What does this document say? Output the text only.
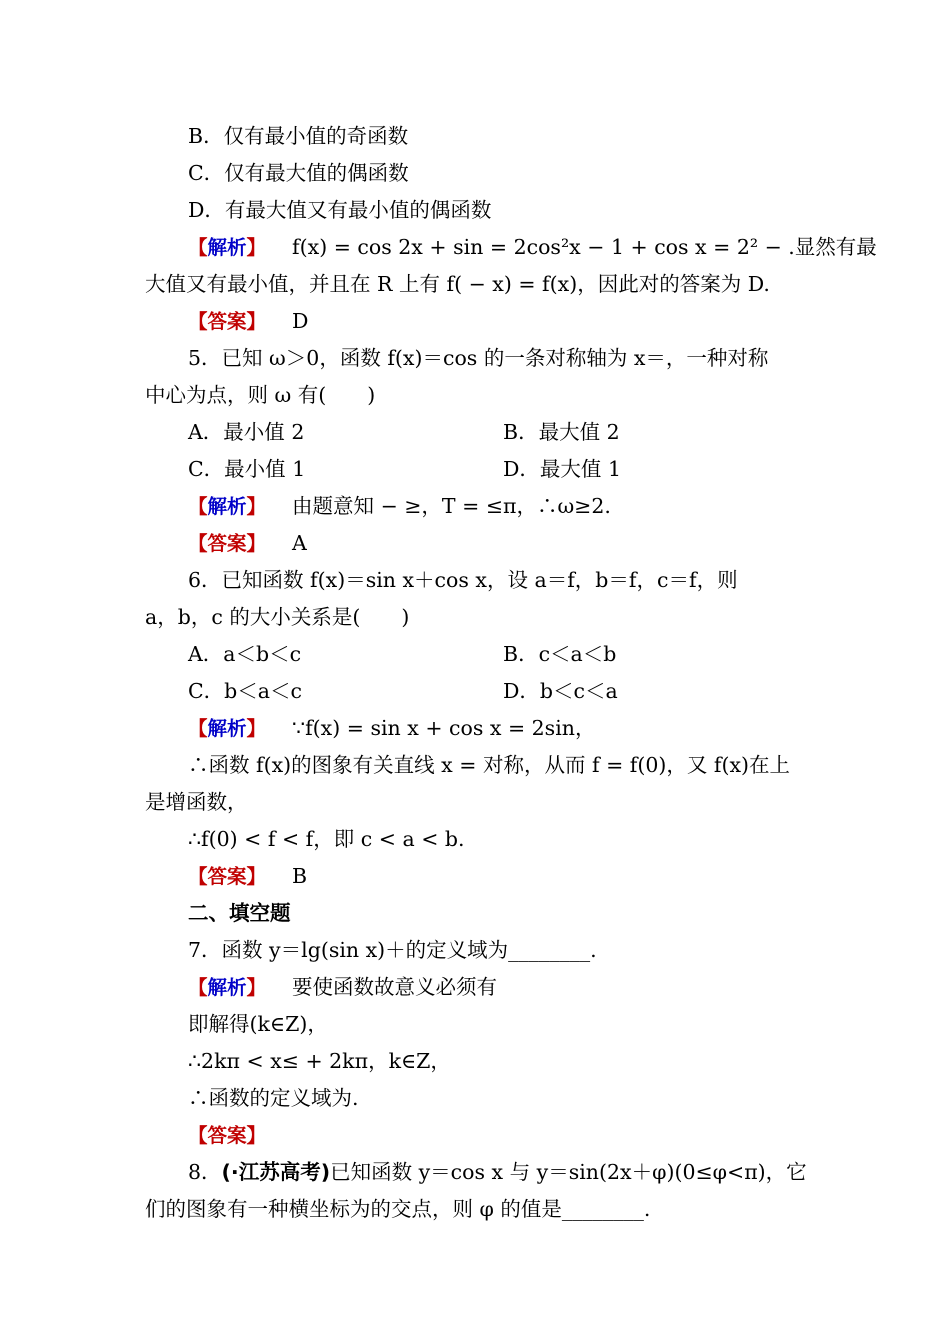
B．仅有最小值的奇函数
C．仅有最大值的偶函数
D．有最大值又有最小值的偶函数
【解析】 f(x) = cos 2x + sin = 2cos²x − 1 + cos x = 2² − .显然有最
大值又有最小值，并且在 R 上有 f( − x) = f(x)，因此对的答案为 D.
【答案】 D
5．已知 ω＞0，函数 f(x)＝cos 的一条对称轴为 x＝，一种对称
中心为点，则 ω 有(　　)
A．最小值 2	B．最大值 2
C．最小值 1	D．最大值 1
【解析】 由题意知 − ≥，T = ≤π，∴ω≥2.
【答案】 A
6．已知函数 f(x)＝sin x＋cos x，设 a＝f，b＝f，c＝f，则
a，b，c 的大小关系是(　　)
A．a＜b＜c	B．c＜a＜b
C．b＜a＜c	D．b＜c＜a
【解析】 ∵f(x) = sin x + cos x = 2sin，
∴函数 f(x)的图象有关直线 x = 对称，从而 f = f(0)，又 f(x)在上
是增函数，
∴f(0) < f < f，即 c < a < b.
【答案】 B
二、填空题
7．函数 y＝lg(sin x)＋的定义域为________.
【解析】 要使函数故意义必须有
即解得(k∈Z)，
∴2kπ < x≤ + 2kπ，k∈Z，
∴函数的定义域为.
【答案】
8．(·江苏高考)已知函数 y＝cos x 与 y＝sin(2x＋φ)(0≤φ<π)，它
们的图象有一种横坐标为的交点，则 φ 的值是________.
